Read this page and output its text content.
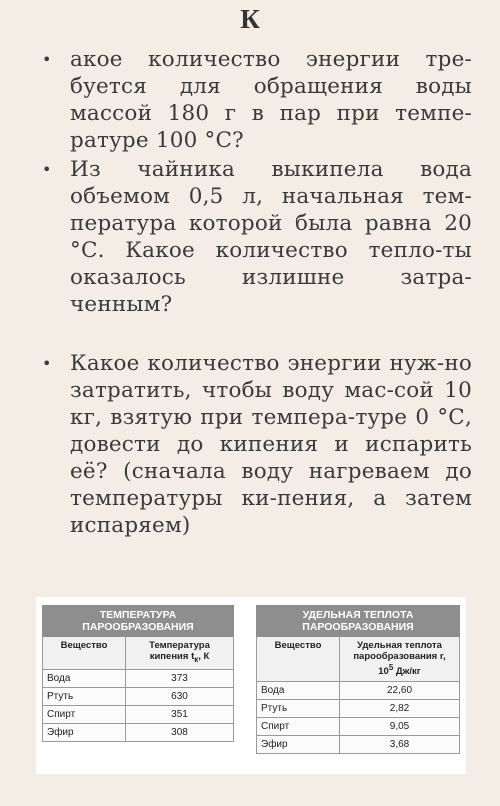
К
• акое количество энергии тре-буется для обращения воды массой 180 г в пар при темпе-ратуре 100 °С?
• Из чайника выкипела вода объемом 0,5 л, начальная тем-пература которой была равна 20 °С. Какое количество тепло-ты оказалось излишне затра-ченным?
• Какое количество энергии нуж-но затратить, чтобы воду мас-сой 10 кг, взятую при темпера-туре 0 °С, довести до кипения и испарить её? (сначала воду нагреваем до температуры ки-пения, а затем испаряем)
ТЕМПЕРАТУРА
ПАРООБРАЗОВАНИЯ	
Вещество	Температура
кипения $t_к$, К
Вода	373
Ртуть	630
Спирт	351
Эфир	308
УДЕЛЬНАЯ ТЕПЛОТА
ПАРООБРАЗОВАНИЯ	
Вещество	Удельная теплота
парообразования r,
$10^5$ Дж/кг
Вода	22,60
Ртуть	2,82
Спирт	9,05
Эфир	3,68
